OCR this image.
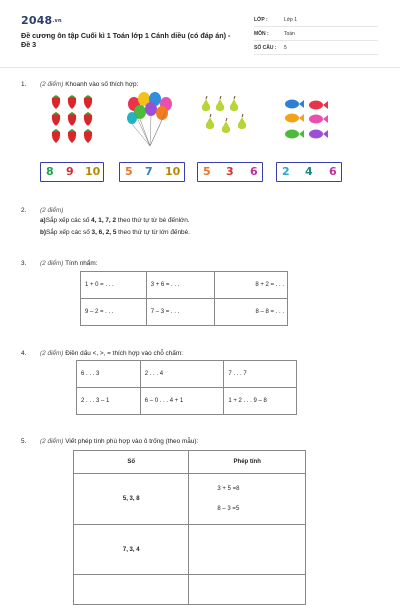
2048.vn
Đề cương ôn tập Cuối kì 1 Toán lớp 1 Cánh diều (có đáp án) - Đề 3
LỚP :	Lớp 1
MÔN :	Toán
SỐ CÂU : 5
1. (2 điểm) Khoanh vào số thích hợp:
8 9 10 5 7 10 5 3 6 2 4 6
2. (2 điểm)
a)Sắp xếp các số 4, 1, 7, 2 theo thứ tự từ bé đếnlớn.
b)Sắp xếp các số 3, 6, 2, 5 theo thứ tự từ lớn đếnbé.
3. (2 điểm) Tính nhẩm:
1 + 0 = . . .	3 + 6 = . . .	8 + 2 = . . .
9 – 2 = . . .	7 – 3 = . . .	8 – 8 = . . .
4. (2 điểm) Điền dấu <, >, = thích hợp vào chỗ chấm:
6 . . . 3	2 . . . 4	7 . . . 7
2 . . . 3 – 1	6 – 0 . . . 4 + 1	1 + 2 . . . 9 – 8
5. (2 điểm) Viết phép tính phù hợp vào ô trống (theo mẫu):
Số	Phép tính
5, 3, 8	3 + 5 =8
8 – 3 =5

7, 3, 4	
